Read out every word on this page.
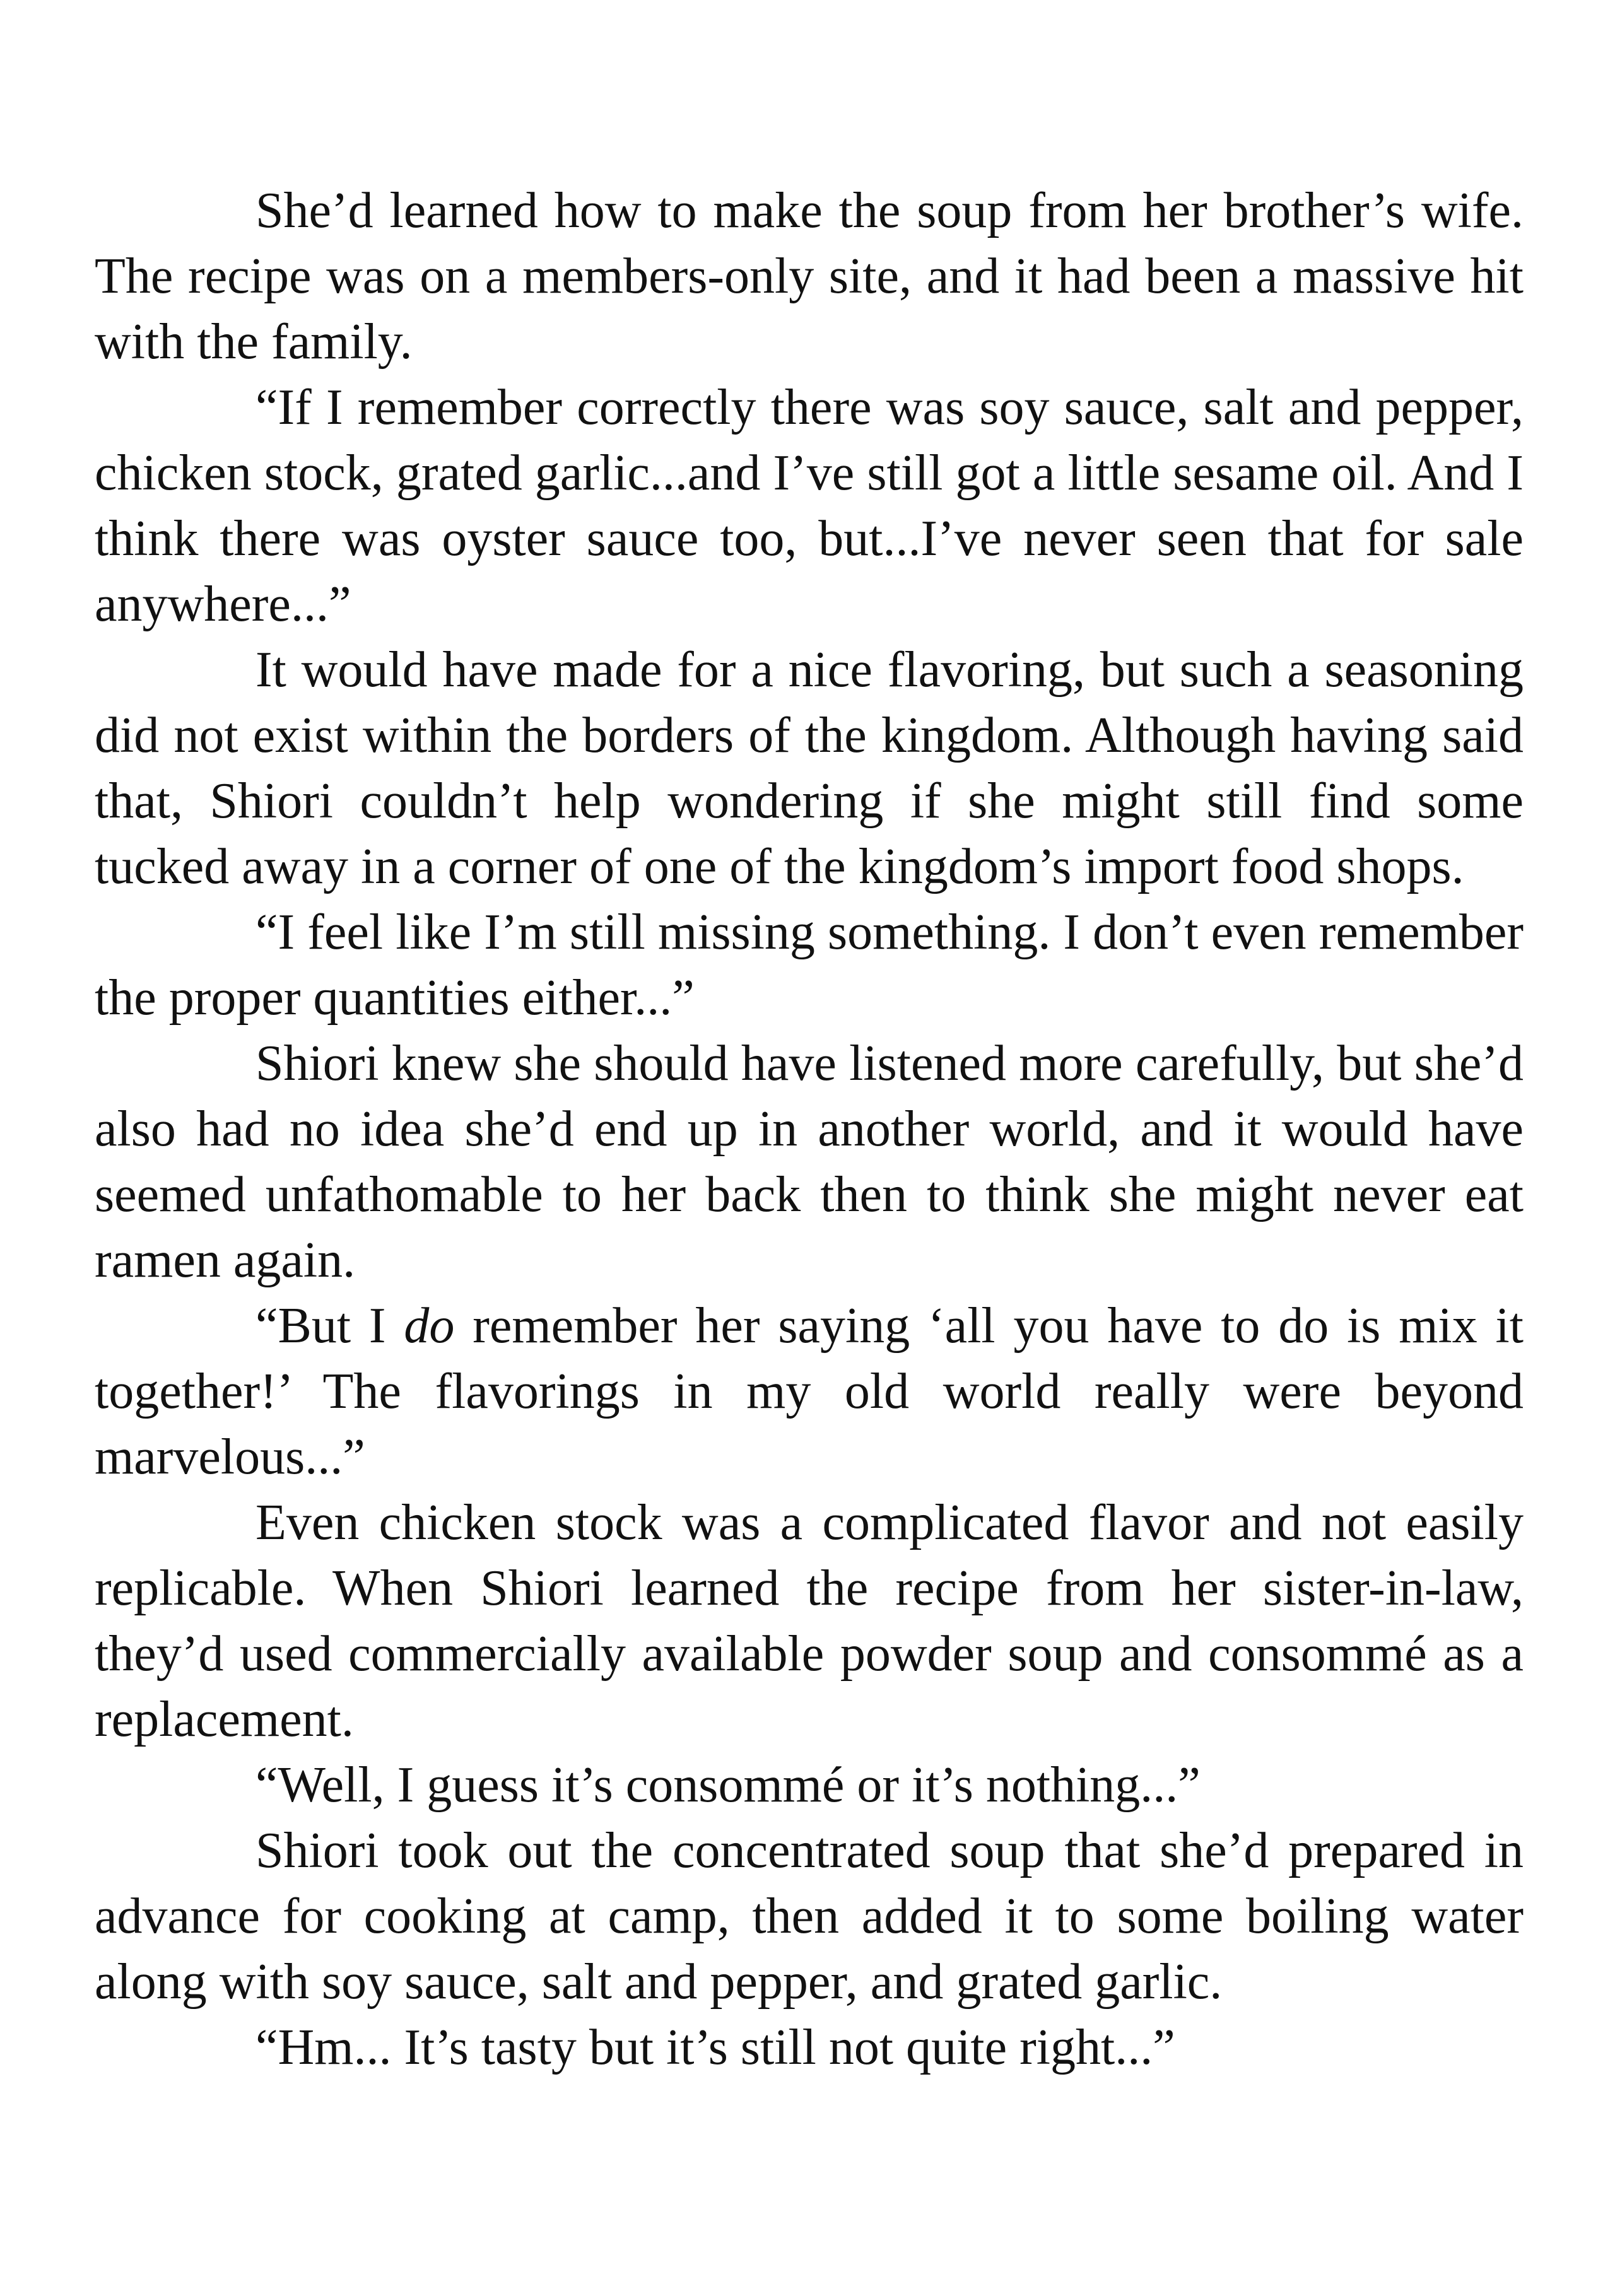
She’d learned how to make the soup from her brother’s wife. The recipe was on a members-only site, and it had been a massive hit with the family.

“If I remember correctly there was soy sauce, salt and pepper, chicken stock, grated garlic...and I’ve still got a little sesame oil. And I think there was oyster sauce too, but...I’ve never seen that for sale anywhere...”

It would have made for a nice flavoring, but such a seasoning did not exist within the borders of the kingdom. Although having said that, Shiori couldn’t help wondering if she might still find some tucked away in a corner of one of the kingdom’s import food shops.

“I feel like I’m still missing something. I don’t even remember the proper quantities either...”

Shiori knew she should have listened more carefully, but she’d also had no idea she’d end up in another world, and it would have seemed unfathomable to her back then to think she might never eat ramen again.

“But I do remember her saying ‘all you have to do is mix it together!’ The flavorings in my old world really were beyond marvelous...”

Even chicken stock was a complicated flavor and not easily replicable. When Shiori learned the recipe from her sister-in-law, they’d used commercially available powder soup and consommé as a replacement.

“Well, I guess it’s consommé or it’s nothing...”

Shiori took out the concentrated soup that she’d prepared in advance for cooking at camp, then added it to some boiling water along with soy sauce, salt and pepper, and grated garlic.

“Hm... It’s tasty but it’s still not quite right...”
